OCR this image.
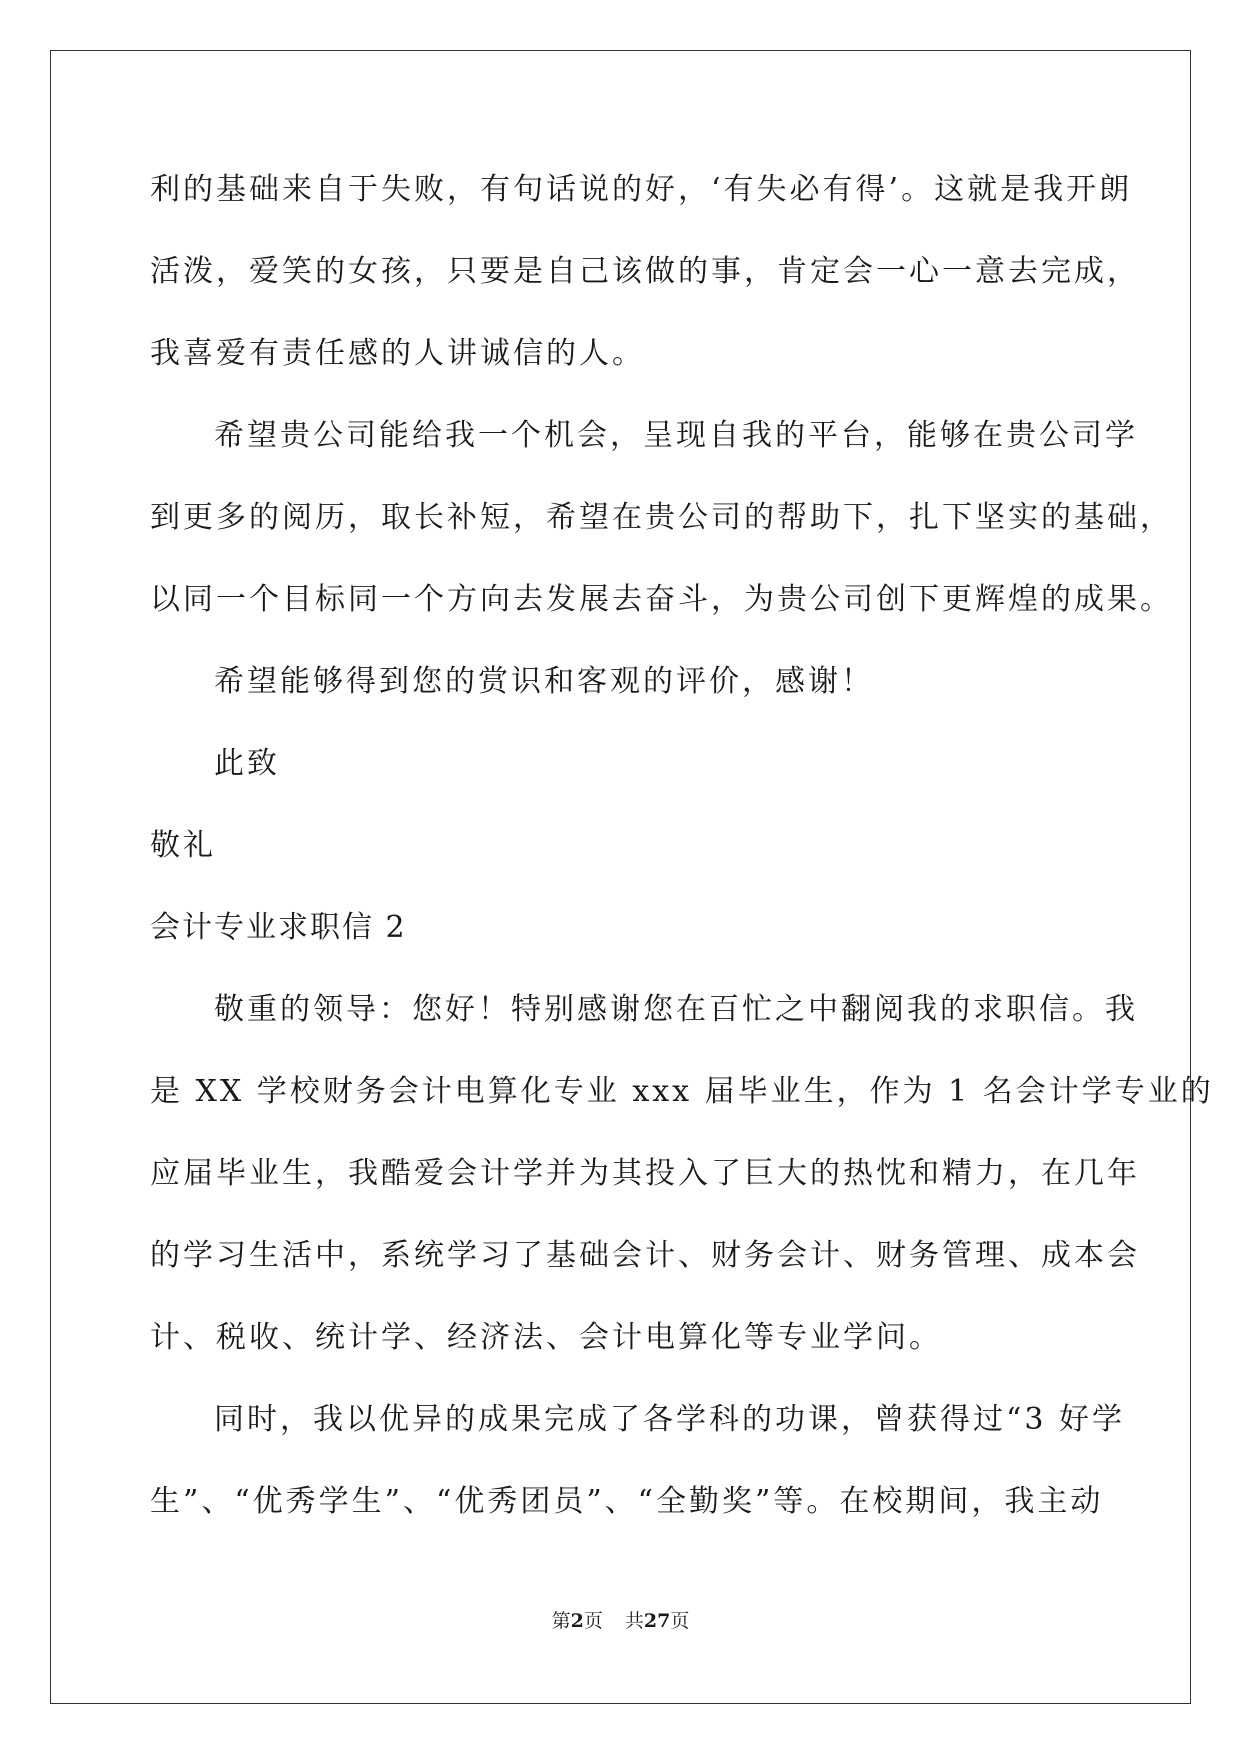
利的基础来自于失败，有句话说的好，‘有失必有得’。这就是我开朗
活泼，爱笑的女孩，只要是自己该做的事，肯定会一心一意去完成，
我喜爱有责任感的人讲诚信的人。
希望贵公司能给我一个机会，呈现自我的平台，能够在贵公司学
到更多的阅历，取长补短，希望在贵公司的帮助下，扎下坚实的基础，
以同一个目标同一个方向去发展去奋斗，为贵公司创下更辉煌的成果。
希望能够得到您的赏识和客观的评价，感谢！
此致
敬礼
会计专业求职信 2
敬重的领导：您好！特别感谢您在百忙之中翻阅我的求职信。我
是 XX 学校财务会计电算化专业 xxx 届毕业生，作为 1 名会计学专业的
应届毕业生，我酷爱会计学并为其投入了巨大的热忱和精力，在几年
的学习生活中，系统学习了基础会计、财务会计、财务管理、成本会
计、税收、统计学、经济法、会计电算化等专业学问。
同时，我以优异的成果完成了各学科的功课，曾获得过“3 好学
生”、“优秀学生”、“优秀团员”、“全勤奖”等。在校期间，我主动
第2页 共27页
